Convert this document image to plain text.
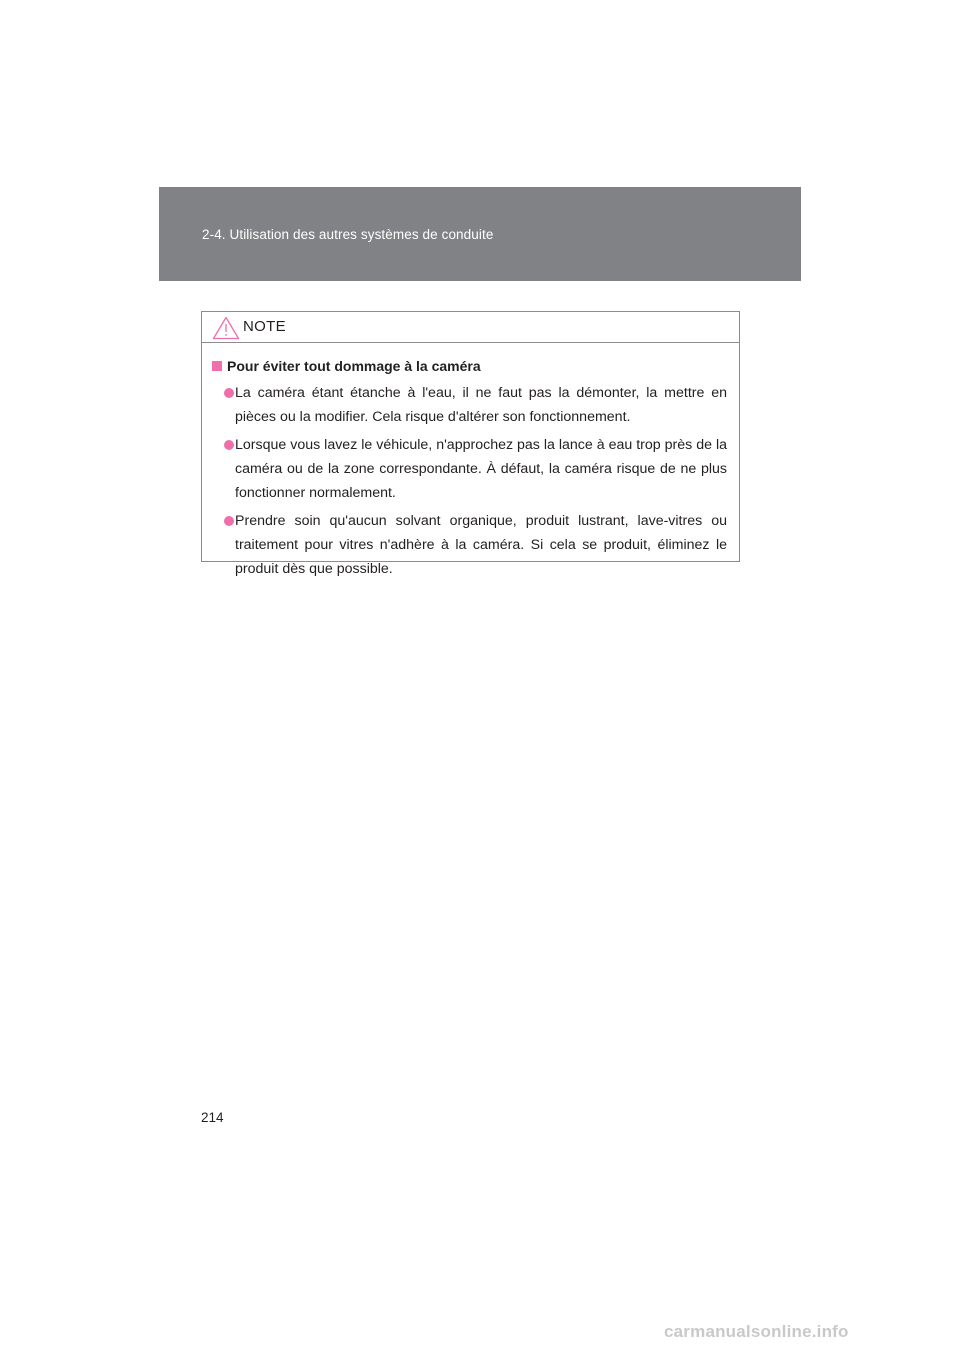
2-4. Utilisation des autres systèmes de conduite
NOTE
Pour éviter tout dommage à la caméra
La caméra étant étanche à l'eau, il ne faut pas la démonter, la mettre en pièces ou la modifier. Cela risque d'altérer son fonctionnement.
Lorsque vous lavez le véhicule, n'approchez pas la lance à eau trop près de la caméra ou de la zone correspondante. À défaut, la caméra risque de ne plus fonctionner normalement.
Prendre soin qu'aucun solvant organique, produit lustrant, lave-vitres ou traitement pour vitres n'adhère à la caméra. Si cela se produit, éliminez le produit dès que possible.
214
carmanualsonline.info
